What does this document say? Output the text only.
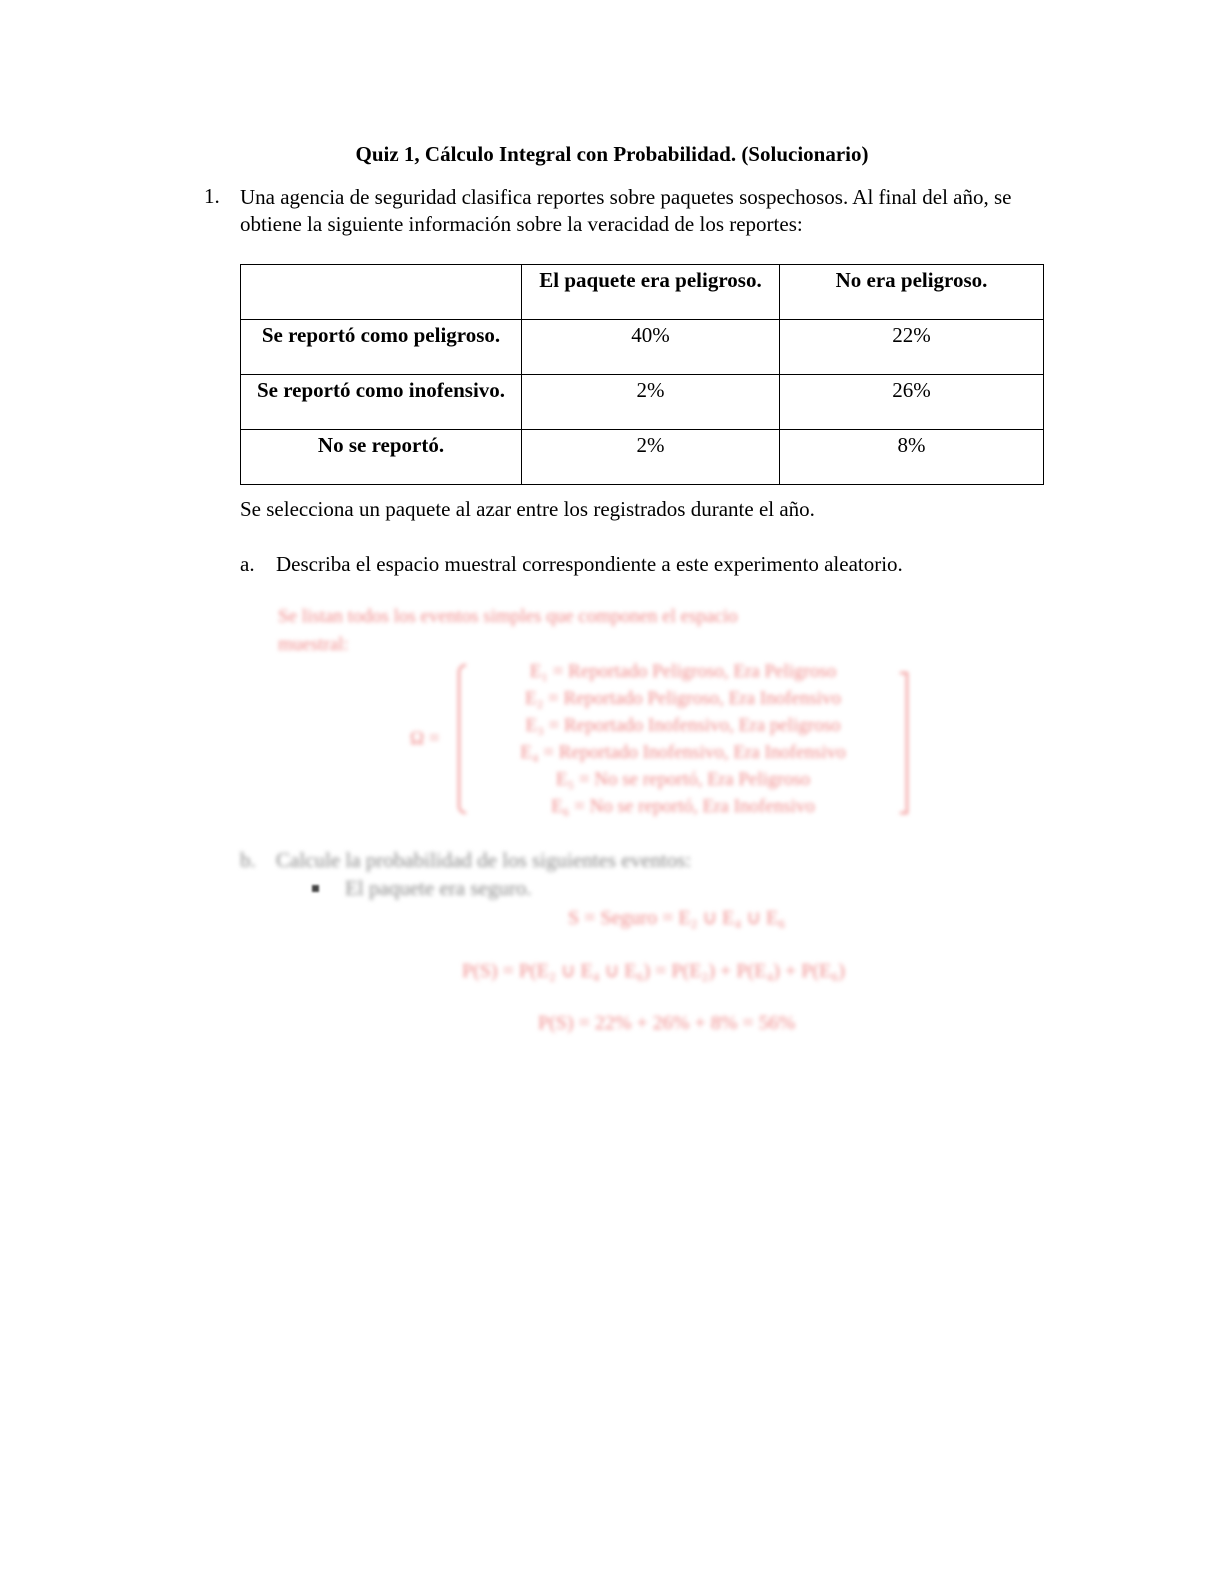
Quiz 1, Cálculo Integral con Probabilidad. (Solucionario)
1. Una agencia de seguridad clasifica reportes sobre paquetes sospechosos. Al final del año, se obtiene la siguiente información sobre la veracidad de los reportes:
	El paquete era peligroso.	No era peligroso.
Se reportó como peligroso.	40%	22%
Se reportó como inofensivo.	2%	26%
No se reportó.	2%	8%
Se selecciona un paquete al azar entre los registrados durante el año.
a. Describa el espacio muestral correspondiente a este experimento aleatorio.
Se listan todos los eventos simples que componen el espacio
muestral:
Ω =
E₁ = Reportado Peligroso, Era Peligroso
E₂ = Reportado Peligroso, Era Inofensivo
E₃ = Reportado Inofensivo, Era peligroso
E₄ = Reportado Inofensivo, Era Inofensivo
E₅ = No se reportó, Era Peligroso
E₆ = No se reportó, Era Inofensivo
b. Calcule la probabilidad de los siguientes eventos:
El paquete era seguro.
S = Seguro = E₂ ∪ E₄ ∪ E₆
P(S) = P(E₂ ∪ E₄ ∪ E₆) = P(E₂) + P(E₄) + P(E₆)
P(S) = 22% + 26% + 8% = 56%
